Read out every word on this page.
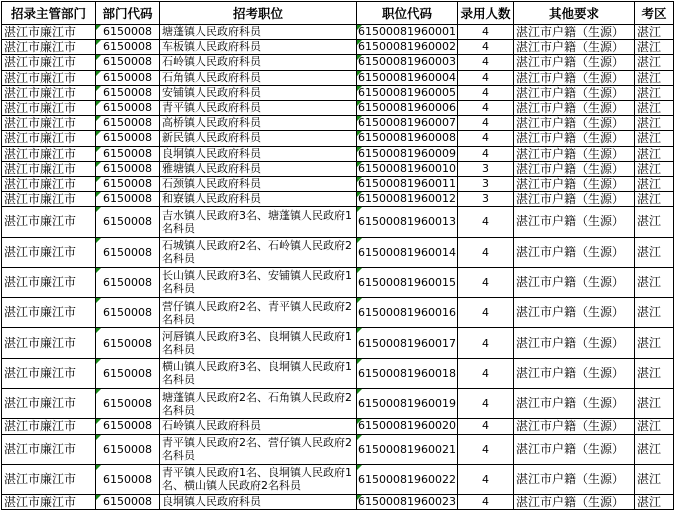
招录主管部门	部门代码	招考职位	职位代码	录用人数	其他要求	考区
湛江市廉江市	6150008	塘蓬镇人民政府科员	61500081960001	4	湛江市户籍（生源）	湛江
湛江市廉江市	6150008	车板镇人民政府科员	61500081960002	4	湛江市户籍（生源）	湛江
湛江市廉江市	6150008	石岭镇人民政府科员	61500081960003	4	湛江市户籍（生源）	湛江
湛江市廉江市	6150008	石角镇人民政府科员	61500081960004	4	湛江市户籍（生源）	湛江
湛江市廉江市	6150008	安铺镇人民政府科员	61500081960005	4	湛江市户籍（生源）	湛江
湛江市廉江市	6150008	青平镇人民政府科员	61500081960006	4	湛江市户籍（生源）	湛江
湛江市廉江市	6150008	高桥镇人民政府科员	61500081960007	4	湛江市户籍（生源）	湛江
湛江市廉江市	6150008	新民镇人民政府科员	61500081960008	4	湛江市户籍（生源）	湛江
湛江市廉江市	6150008	良垌镇人民政府科员	61500081960009	4	湛江市户籍（生源）	湛江
湛江市廉江市	6150008	雅塘镇人民政府科员	61500081960010	3	湛江市户籍（生源）	湛江
湛江市廉江市	6150008	石颈镇人民政府科员	61500081960011	3	湛江市户籍（生源）	湛江
湛江市廉江市	6150008	和寮镇人民政府科员	61500081960012	3	湛江市户籍（生源）	湛江
湛江市廉江市	6150008	吉水镇人民政府3名、塘蓬镇人民政府1名科员	61500081960013	4	湛江市户籍（生源）	湛江
湛江市廉江市	6150008	石城镇人民政府2名、石岭镇人民政府2名科员	61500081960014	4	湛江市户籍（生源）	湛江
湛江市廉江市	6150008	长山镇人民政府3名、安铺镇人民政府1名科员	61500081960015	4	湛江市户籍（生源）	湛江
湛江市廉江市	6150008	营仔镇人民政府2名、青平镇人民政府2名科员	61500081960016	4	湛江市户籍（生源）	湛江
湛江市廉江市	6150008	河唇镇人民政府3名、良垌镇人民政府1名科员	61500081960017	4	湛江市户籍（生源）	湛江
湛江市廉江市	6150008	横山镇人民政府3名、良垌镇人民政府1名科员	61500081960018	4	湛江市户籍（生源）	湛江
湛江市廉江市	6150008	塘蓬镇人民政府2名、石角镇人民政府2名科员	61500081960019	4	湛江市户籍（生源）	湛江
湛江市廉江市	6150008	石岭镇人民政府科员	61500081960020	4	湛江市户籍（生源）	湛江
湛江市廉江市	6150008	青平镇人民政府2名、营仔镇人民政府2名科员	61500081960021	4	湛江市户籍（生源）	湛江
湛江市廉江市	6150008	青平镇人民政府1名、良垌镇人民政府1名、横山镇人民政府2名科员	61500081960022	4	湛江市户籍（生源）	湛江
湛江市廉江市	6150008	良垌镇人民政府科员	61500081960023	4	湛江市户籍（生源）	湛江
